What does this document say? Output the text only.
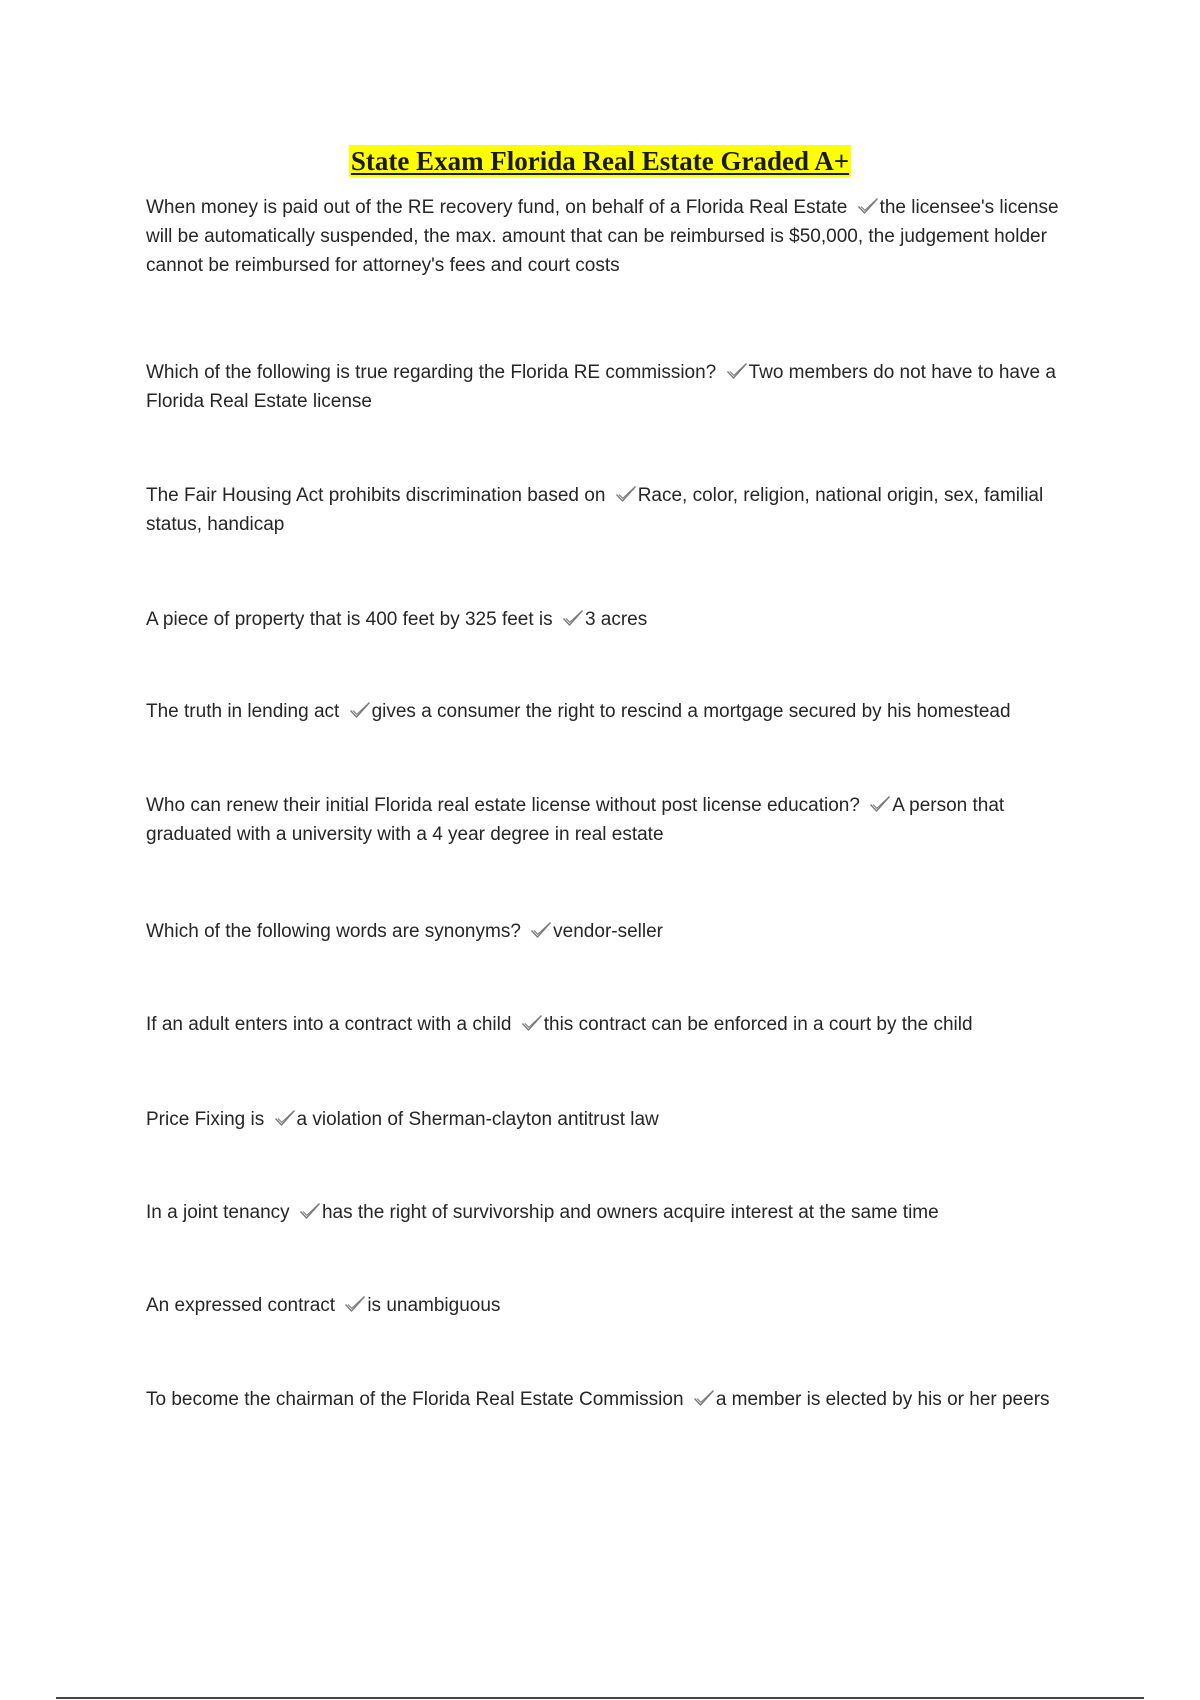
State Exam Florida Real Estate Graded A+

When money is paid out of the RE recovery fund, on behalf of a Florida Real Estate the licensee's license will be automatically suspended, the max. amount that can be reimbursed is $50,000, the judgement holder cannot be reimbursed for attorney's fees and court costs

Which of the following is true regarding the Florida RE commission? Two members do not have to have a Florida Real Estate license

The Fair Housing Act prohibits discrimination based on Race, color, religion, national origin, sex, familial status, handicap

A piece of property that is 400 feet by 325 feet is 3 acres

The truth in lending act gives a consumer the right to rescind a mortgage secured by his homestead

Who can renew their initial Florida real estate license without post license education? A person that graduated with a university with a 4 year degree in real estate

Which of the following words are synonyms? vendor-seller

If an adult enters into a contract with a child this contract can be enforced in a court by the child

Price Fixing is a violation of Sherman-clayton antitrust law

In a joint tenancy has the right of survivorship and owners acquire interest at the same time

An expressed contract is unambiguous

To become the chairman of the Florida Real Estate Commission a member is elected by his or her peers
